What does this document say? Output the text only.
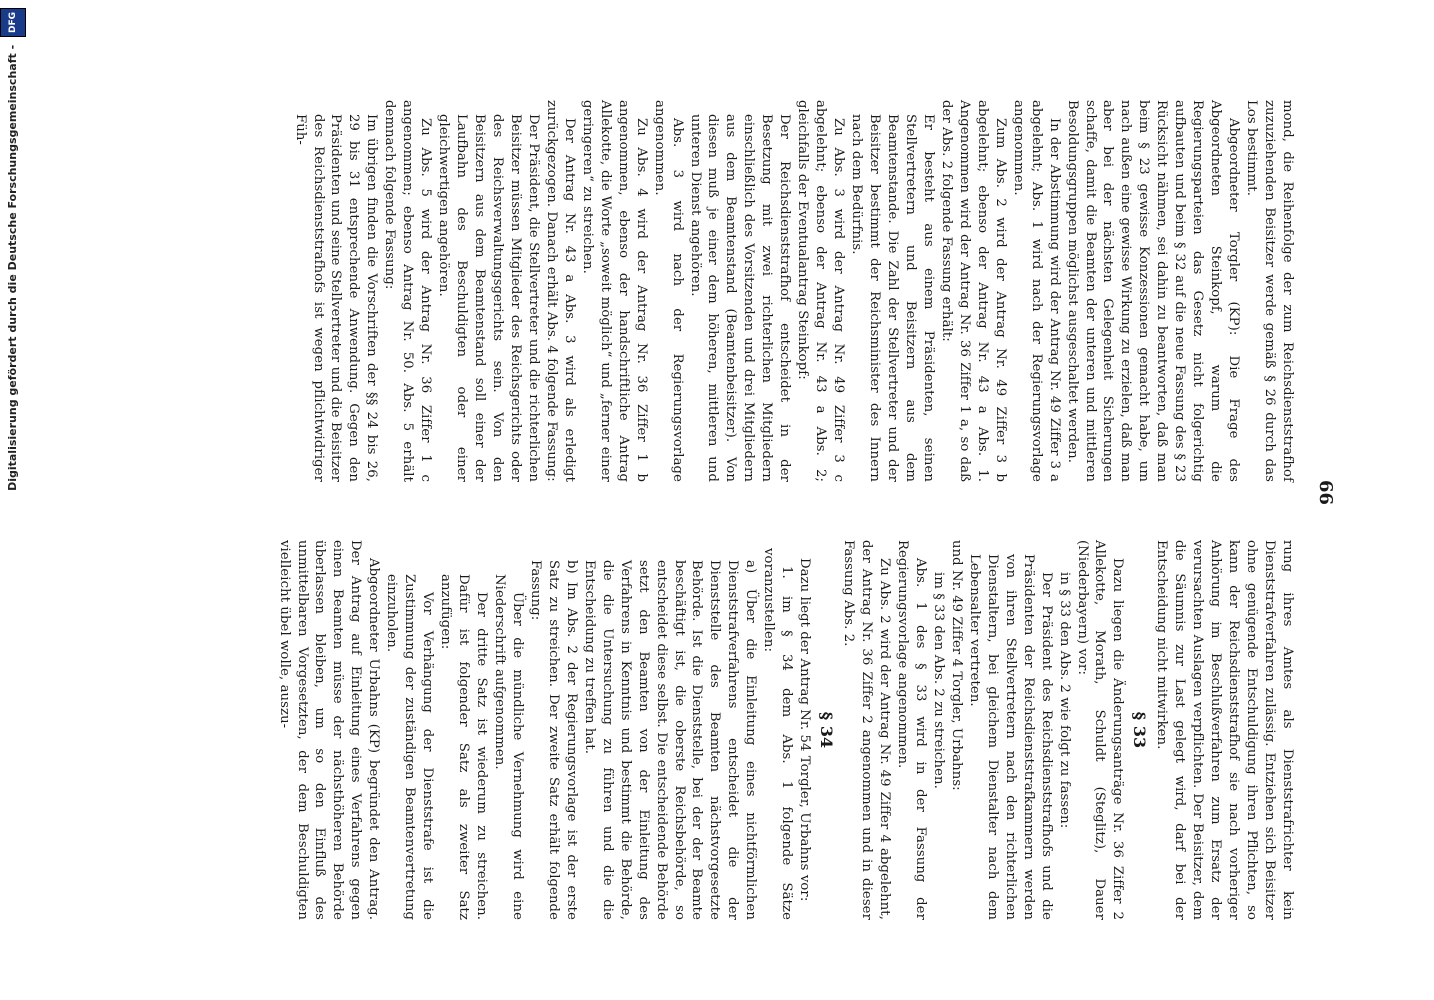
66

mond, die Reihenfolge der zum Reichsdienststrafhof zuzuziehenden Beisitzer werde gemäß § 26 durch das Los bestimmt.

Abgeordneter Torgler (KP): Die Frage des Abgeordneten Steinkopf, warum die Regierungsparteien das Gesetz nicht folgerichtig aufbauten und beim § 32 auf die neue Fassung des § 23 Rücksicht nähmen, sei dahin zu beantworten, daß man beim § 23 gewisse Konzessionen gemacht habe, um nach außen eine gewisse Wirkung zu erzielen, daß man aber bei der nächsten Gelegenheit Sicherungen schaffe, damit die Beamten der unteren und mittleren Besoldungsgruppen möglichst ausgeschaltet werden.

In der Abstimmung wird der Antrag Nr. 49 Ziffer 3 a abgelehnt; Abs. 1 wird nach der Regierungsvorlage angenommen.

Zum Abs. 2 wird der Antrag Nr. 49 Ziffer 3 b abgelehnt; ebenso der Antrag Nr. 43 a Abs. 1. Angenommen wird der Antrag Nr. 36 Ziffer 1 a, so daß der Abs. 2 folgende Fassung erhält:

Er besteht aus einem Präsidenten, seinen Stellvertretern und Beisitzern aus dem Beamtenstande. Die Zahl der Stellvertreter und der Beisitzer bestimmt der Reichsminister des Innern nach dem Bedürfnis.

Zu Abs. 3 wird der Antrag Nr. 49 Ziffer 3 c abgelehnt; ebenso der Antrag Nr. 43 a Abs. 2; gleichfalls der Eventualantrag Steinkopf:

Der Reichsdienststrafhof entscheidet in der Besetzung mit zwei richterlichen Mitgliedern einschließlich des Vorsitzenden und drei Mitgliedern aus dem Beamtenstand (Beamtenbeisitzer). Von diesen muß je einer dem höheren, mittleren und unteren Dienst angehören.

Abs. 3 wird nach der Regierungsvorlage angenommen.

Zu Abs. 4 wird der Antrag Nr. 36 Ziffer 1 b angenommen, ebenso der handschriftliche Antrag Allekotte, die Worte „soweit möglich“ und „ferner einer geringeren“ zu streichen.

Der Antrag Nr. 43 a Abs. 3 wird als erledigt zurückgezogen. Danach erhält Abs. 4 folgende Fassung:

Der Präsident, die Stellvertreter und die richterlichen Beisitzer müssen Mitglieder des Reichsgerichts oder des Reichsverwaltungsgerichts sein. Von den Beisitzern aus dem Beamtenstand soll einer der Laufbahn des Beschuldigten oder einer gleichwertigen angehören.

Zu Abs. 5 wird der Antrag Nr. 36 Ziffer 1 c angenommen; ebenso Antrag Nr. 50. Abs. 5 erhält demnach folgende Fassung:

Im übrigen finden die Vorschriften der §§ 24 bis 26, 29 bis 31 entsprechende Anwendung. Gegen den Präsidenten und seine Stellvertreter und die Beisitzer des Reichsdienststrafhofs ist wegen pflichtwidriger Füh-

rung ihres Amtes als Dienststrafrichter kein Dienststrafverfahren zulässig. Entziehen sich Beisitzer ohne genügende Entschuldigung ihren Pflichten, so kann der Reichsdienststrafhof sie nach vorheriger Anhörung im Beschlußverfahren zum Ersatz der verursachten Auslagen verpflichten. Der Beisitzer, dem die Säumnis zur Last gelegt wird, darf bei der Entscheidung nicht mitwirken.

§ 33

Dazu liegen die Änderungsanträge Nr. 36 Ziffer 2 Allekotte, Morath, Schuldt (Steglitz), Dauer (Niederbayern) vor:

in § 33 den Abs. 2 wie folgt zu fassen:

Der Präsident des Reichsdienststrafhofs und die Präsidenten der Reichsdienststrafkammern werden von ihren Stellvertretern nach den richterlichen Dienstaltern, bei gleichem Dienstalter nach dem Lebensalter vertreten.

und Nr. 49 Ziffer 4 Torgler, Urbahns:

im § 33 den Abs. 2 zu streichen.

Abs. 1 des § 33 wird in der Fassung der Regierungsvorlage angenommen.

Zu Abs. 2 wird der Antrag Nr. 49 Ziffer 4 abgelehnt, der Antrag Nr. 36 Ziffer 2 angenommen und in dieser Fassung Abs. 2.

§ 34

Dazu liegt der Antrag Nr. 54 Torgler, Urbahns vor:

1. im § 34 dem Abs. 1 folgende Sätze voranzustellen:

a) Über die Einleitung eines nichtförmlichen Dienststrafverfahrens entscheidet die der Dienststelle des Beamten nächstvorgesetzte Behörde. Ist die Dienststelle, bei der der Beamte beschäftigt ist, die oberste Reichsbehörde, so entscheidet diese selbst. Die entscheidende Behörde setzt den Beamten von der Einleitung des Verfahrens in Kenntnis und bestimmt die Behörde, die die Untersuchung zu führen und die die Entscheidung zu treffen hat.

b) Im Abs. 2 der Regierungsvorlage ist der erste Satz zu streichen. Der zweite Satz erhält folgende Fassung:

Über die mündliche Vernehmung wird eine Niederschrift aufgenommen.

Der dritte Satz ist wiederum zu streichen. Dafür ist folgender Satz als zweiter Satz anzufügen:

Vor Verhängung der Dienststrafe ist die Zustimmung der zuständigen Beamtenvertretung einzuholen.

Abgeordneter Urbahns (KP) begründet den Antrag. Der Antrag auf Einleitung eines Verfahrens gegen einen Beamten müsse der nächsthöheren Behörde überlassen bleiben, um so den Einfluß des unmittelbaren Vorgesetzten, der dem Beschuldigten vielleicht übel wolle, auszu-

Digitalisierung gefördert durch die Deutsche Forschungsgemeinschaft - DFG
